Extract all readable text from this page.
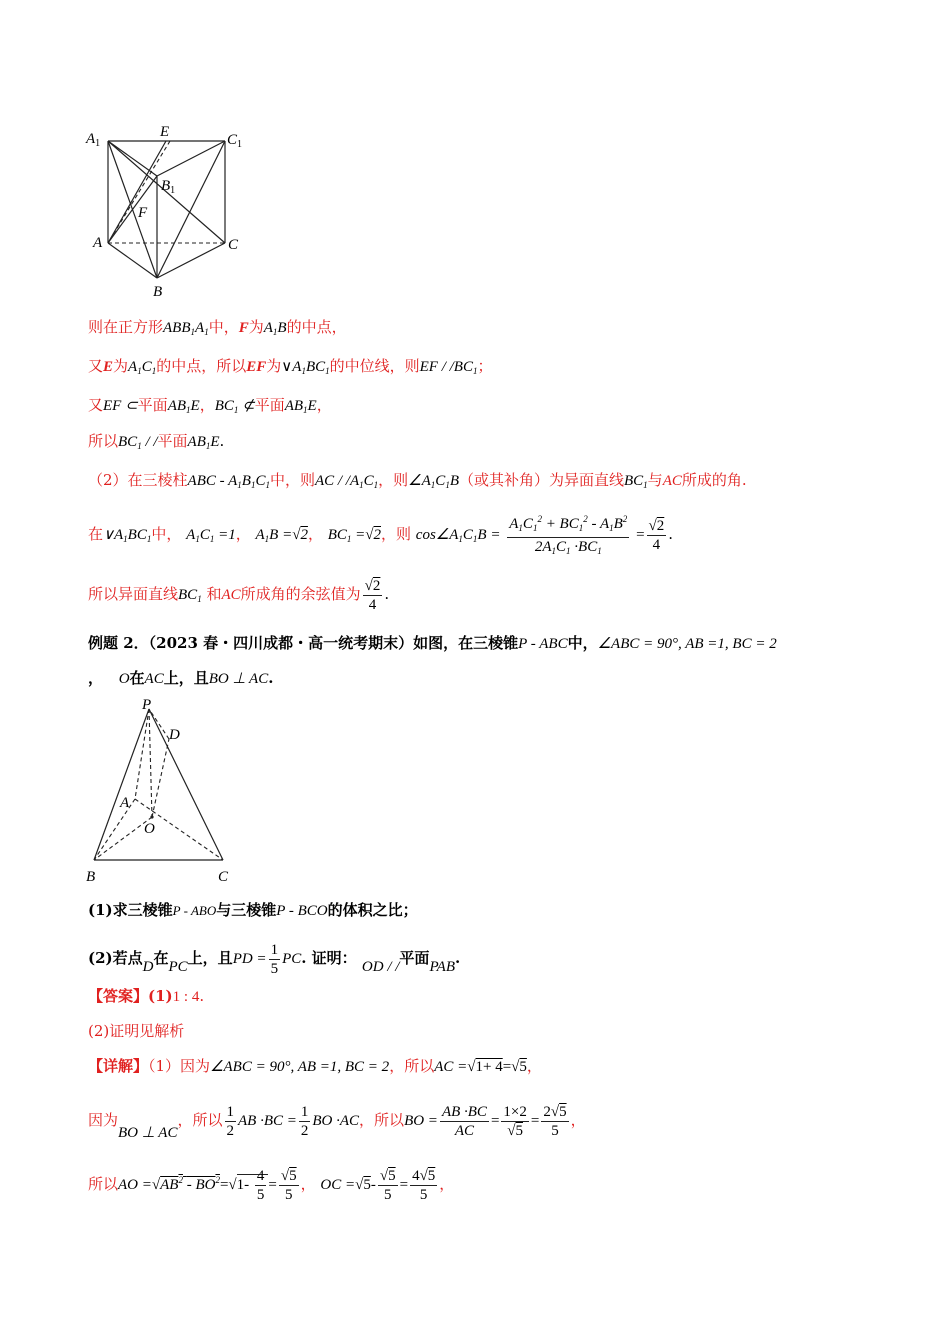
$A_1$
E	$C_1$
$B_1$
F
A	C
B
则在正方形$ABB_1A_1$中，F为$A_1B$的中点，
又E为$A_1C_1$的中点，所以EF为$\vee A_1BC_1$的中位线，则EF / $/BC_1$；
又EF ⊂平面$AB_1E$，$BC_1$ ⊄平面$AB_1E$，
所以$BC_1$ / /平面$AB_1E$.
（2）在三棱柱ABC - $A_1B_1C_1$中，则AC / $/A_1C_1$，则$\angle A_1C_1B$（或其补角）为异面直线$BC_1$与AC所成的角.
在$\vee A_1BC_1$中， $A_1C_1 =1$， $A_1B =√2$， $BC_1 =√2$，则 $\cos\angle A_1C_1B = \frac{A_1C_1^2 + BC_1^2 - A_1B^2}{2A_1C_1 \cdot BC_1} = \frac{√2}{4}$ .
所以异面直线$BC_1$ 和AC所成角的余弦值为 $\frac{√2}{4}$ .
例题 2．（2023 春・四川成都・高一统考期末）如图，在三棱锥P - ABC中，∠ABC = 90°, AB =1, BC = 2
， O在AC上，且BO ⊥ AC.
P
D
A
O
B	C
(1)求三棱锥P - ABO与三棱锥P - BCO的体积之比；
(2)若点D在PC上，且PD = $\frac{1}{5}$ PC. 证明： OD / /平面PAB.
【答案】(1)1 : 4.
(2)证明见解析
【详解】（1）因为∠ABC = 90°, AB =1, BC = 2，所以AC =√1+ 4=√5，
因为BO ⊥ AC，所以 $\frac{1}{2}$ AB $\cdot BC = \frac{1}{2}$ BO ·AC，所以BO = $\frac{AB \cdot BC}{AC} = \frac{1\times 2}{√5} = \frac{2√5}{5}$ ，
所以AO $=√AB^2 - BO^2=√1- \frac{4}{5} = \frac{√5}{5}$ ， OC $=√5- \frac{√5}{5} = \frac{4√5}{5}$ ，
